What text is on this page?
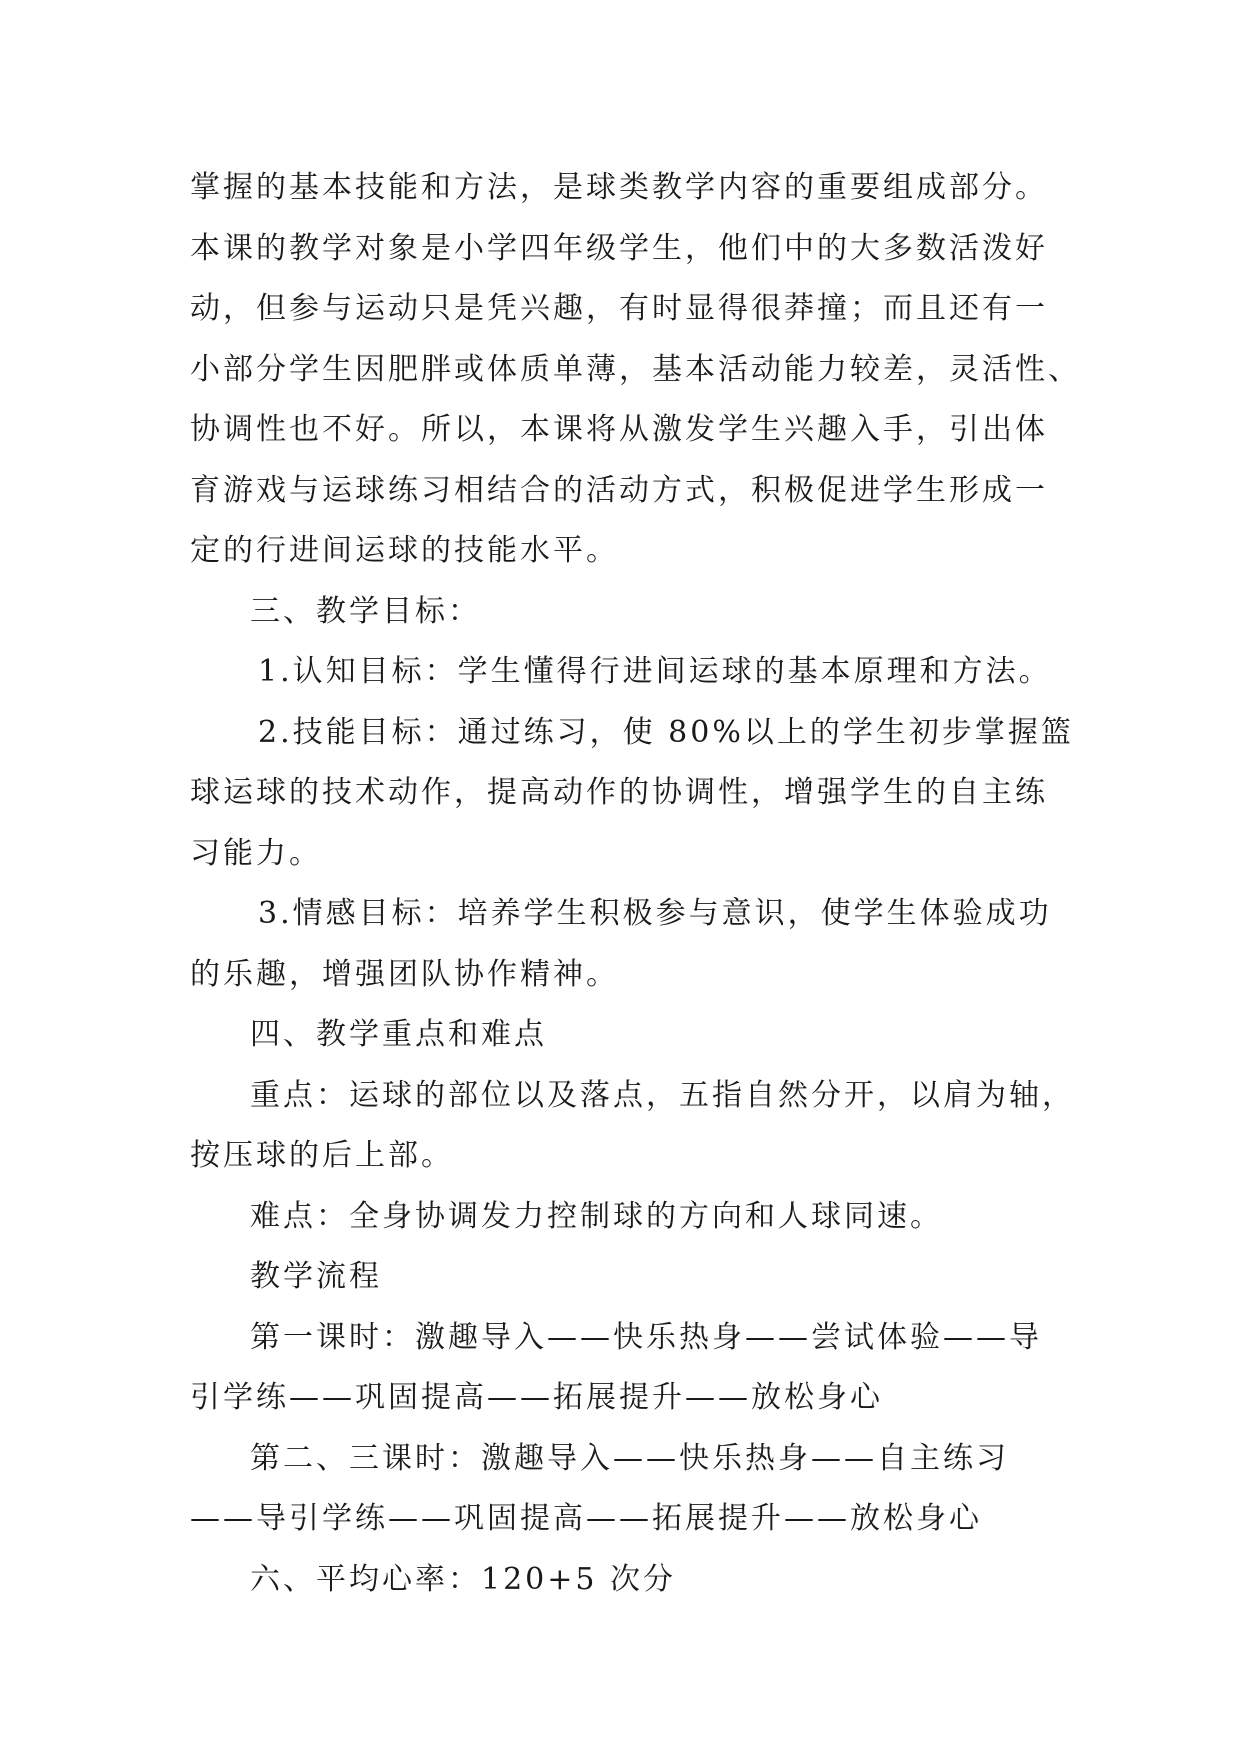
掌握的基本技能和方法，是球类教学内容的重要组成部分。
本课的教学对象是小学四年级学生，他们中的大多数活泼好
动，但参与运动只是凭兴趣，有时显得很莽撞；而且还有一
小部分学生因肥胖或体质单薄，基本活动能力较差，灵活性、
协调性也不好。所以，本课将从激发学生兴趣入手，引出体
育游戏与运球练习相结合的活动方式，积极促进学生形成一
定的行进间运球的技能水平。
三、教学目标：
1.认知目标：学生懂得行进间运球的基本原理和方法。
2.技能目标：通过练习，使 80%以上的学生初步掌握篮
球运球的技术动作，提高动作的协调性，增强学生的自主练
习能力。
3.情感目标：培养学生积极参与意识，使学生体验成功
的乐趣，增强团队协作精神。
四、教学重点和难点
重点：运球的部位以及落点，五指自然分开，以肩为轴，
按压球的后上部。
难点：全身协调发力控制球的方向和人球同速。
教学流程
第一课时：激趣导入——快乐热身——尝试体验——导
引学练——巩固提高——拓展提升——放松身心
第二、三课时：激趣导入——快乐热身——自主练习
——导引学练——巩固提高——拓展提升——放松身心
六、平均心率：120+5 次分
